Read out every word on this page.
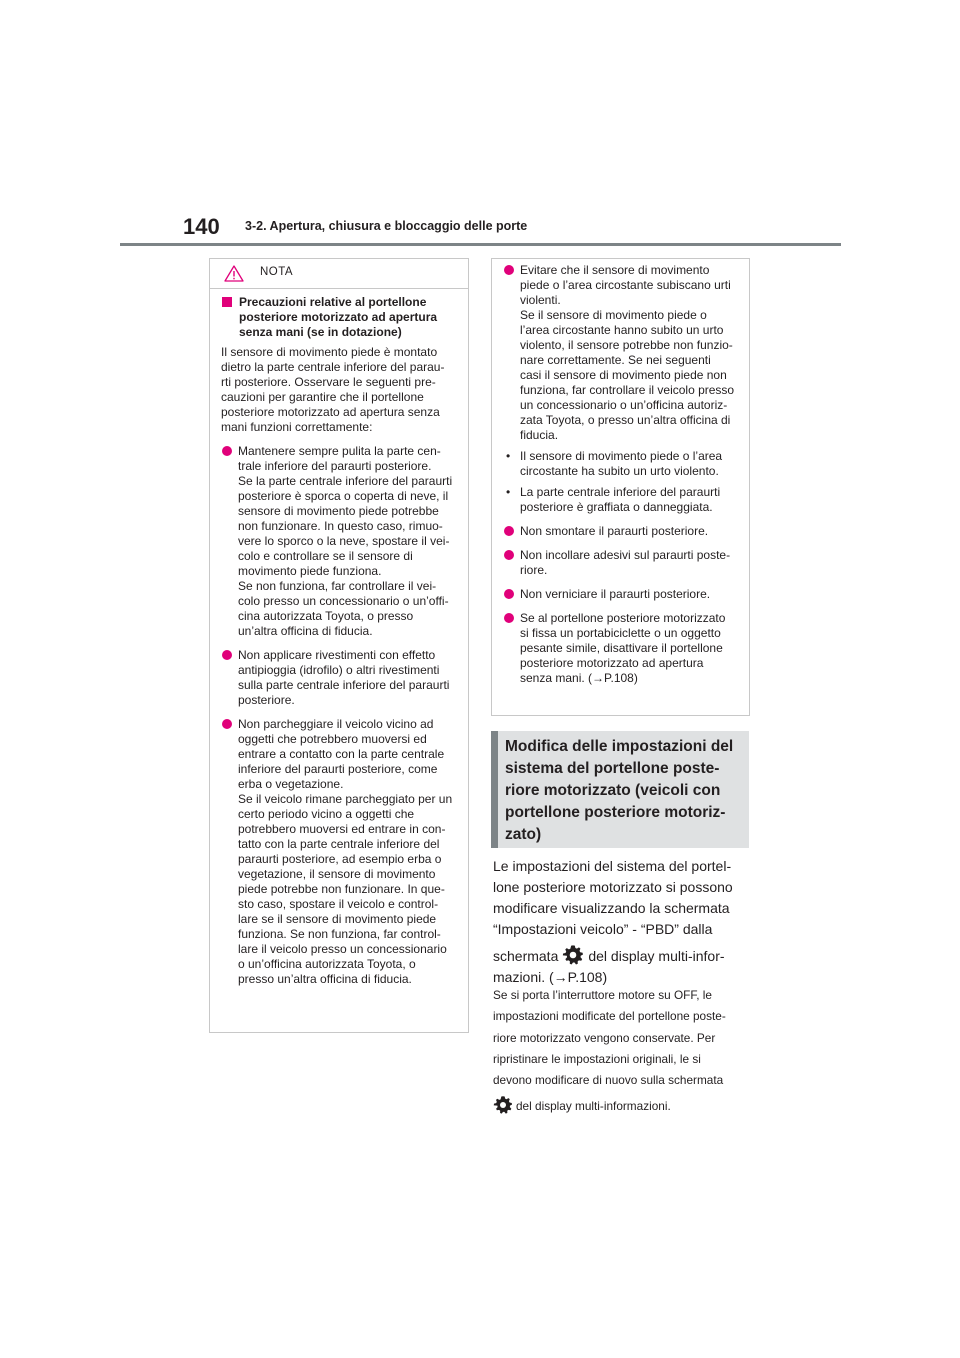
140 3-2. Apertura, chiusura e bloccaggio delle porte
NOTA
Precauzioni relative al portellone
posteriore motorizzato ad apertura
senza mani (se in dotazione)
Il sensore di movimento piede è montato
dietro la parte centrale inferiore del parau-
rti posteriore. Osservare le seguenti pre-
cauzioni per garantire che il portellone
posteriore motorizzato ad apertura senza
mani funzioni correttamente:
Mantenere sempre pulita la parte cen-
trale inferiore del paraurti posteriore.
Se la parte centrale inferiore del paraurti
posteriore è sporca o coperta di neve, il
sensore di movimento piede potrebbe
non funzionare. In questo caso, rimuo-
vere lo sporco o la neve, spostare il vei-
colo e controllare se il sensore di
movimento piede funziona.
Se non funziona, far controllare il vei-
colo presso un concessionario o un’offi-
cina autorizzata Toyota, o presso
un’altra officina di fiducia.
Non applicare rivestimenti con effetto
antipioggia (idrofilo) o altri rivestimenti
sulla parte centrale inferiore del paraurti
posteriore.
Non parcheggiare il veicolo vicino ad
oggetti che potrebbero muoversi ed
entrare a contatto con la parte centrale
inferiore del paraurti posteriore, come
erba o vegetazione.
Se il veicolo rimane parcheggiato per un
certo periodo vicino a oggetti che
potrebbero muoversi ed entrare in con-
tatto con la parte centrale inferiore del
paraurti posteriore, ad esempio erba o
vegetazione, il sensore di movimento
piede potrebbe non funzionare. In que-
sto caso, spostare il veicolo e control-
lare se il sensore di movimento piede
funziona. Se non funziona, far control-
lare il veicolo presso un concessionario
o un’officina autorizzata Toyota, o
presso un’altra officina di fiducia.
Evitare che il sensore di movimento
piede o l’area circostante subiscano urti
violenti.
Se il sensore di movimento piede o
l’area circostante hanno subito un urto
violento, il sensore potrebbe non funzio-
nare correttamente. Se nei seguenti
casi il sensore di movimento piede non
funziona, far controllare il veicolo presso
un concessionario o un’officina autoriz-
zata Toyota, o presso un’altra officina di
fiducia.
• Il sensore di movimento piede o l’area
circostante ha subito un urto violento.
• La parte centrale inferiore del paraurti
posteriore è graffiata o danneggiata.
Non smontare il paraurti posteriore.
Non incollare adesivi sul paraurti poste-
riore.
Non verniciare il paraurti posteriore.
Se al portellone posteriore motorizzato
si fissa un portabiciclette o un oggetto
pesante simile, disattivare il portellone
posteriore motorizzato ad apertura
senza mani. (→P.108)
Modifica delle impostazioni del
sistema del portellone poste-
riore motorizzato (veicoli con
portellone posteriore motoriz-
zato)
Le impostazioni del sistema del portel-
lone posteriore motorizzato si possono
modificare visualizzando la schermata
“Impostazioni veicolo” - “PBD” dalla
schermata del display multi-infor-
mazioni. (→P.108)
Se si porta l’interruttore motore su OFF, le
impostazioni modificate del portellone poste-
riore motorizzato vengono conservate. Per
ripristinare le impostazioni originali, le si
devono modificare di nuovo sulla schermata
del display multi-informazioni.
